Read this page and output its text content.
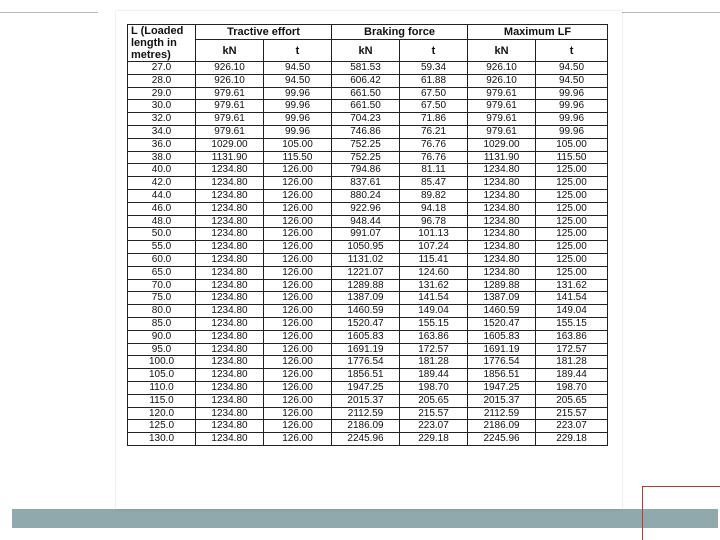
L (Loaded
length in
metres)	Tractive effort		Braking force		Maximum LF	
	kN	t	kN	t	kN	t

27.0	926.10	94.50	581.53	59.34	926.10	94.50
28.0	926.10	94.50	606.42	61.88	926.10	94.50
29.0	979.61	99.96	661.50	67.50	979.61	99.96
30.0	979.61	99.96	661.50	67.50	979.61	99.96
32.0	979.61	99.96	704.23	71.86	979.61	99.96
34.0	979.61	99.96	746.86	76.21	979.61	99.96
36.0	1029.00	105.00	752.25	76.76	1029.00	105.00
38.0	1131.90	115.50	752.25	76.76	1131.90	115.50
40.0	1234.80	126.00	794.86	81.11	1234.80	125.00
42.0	1234.80	126.00	837.61	85.47	1234.80	125.00
44.0	1234.80	126.00	880.24	89.82	1234.80	125.00
46.0	1234.80	126.00	922.96	94.18	1234.80	125.00
48.0	1234.80	126.00	948.44	96.78	1234.80	125.00
50.0	1234.80	126.00	991.07	101.13	1234.80	125.00
55.0	1234.80	126.00	1050.95	107.24	1234.80	125.00
60.0	1234.80	126.00	1131.02	115.41	1234.80	125.00
65.0	1234.80	126.00	1221.07	124.60	1234.80	125.00
70.0	1234.80	126.00	1289.88	131.62	1289.88	131.62
75.0	1234.80	126.00	1387.09	141.54	1387.09	141.54
80.0	1234.80	126.00	1460.59	149.04	1460.59	149.04
85.0	1234.80	126.00	1520.47	155.15	1520.47	155.15
90.0	1234.80	126.00	1605.83	163.86	1605.83	163.86
95.0	1234.80	126.00	1691.19	172.57	1691.19	172.57
100.0	1234.80	126.00	1776.54	181.28	1776.54	181.28
105.0	1234.80	126.00	1856.51	189.44	1856.51	189.44
110.0	1234.80	126.00	1947.25	198.70	1947.25	198.70
115.0	1234.80	126.00	2015.37	205.65	2015.37	205.65
120.0	1234.80	126.00	2112.59	215.57	2112.59	215.57
125.0	1234.80	126.00	2186.09	223.07	2186.09	223.07
130.0	1234.80	126.00	2245.96	229.18	2245.96	229.18
